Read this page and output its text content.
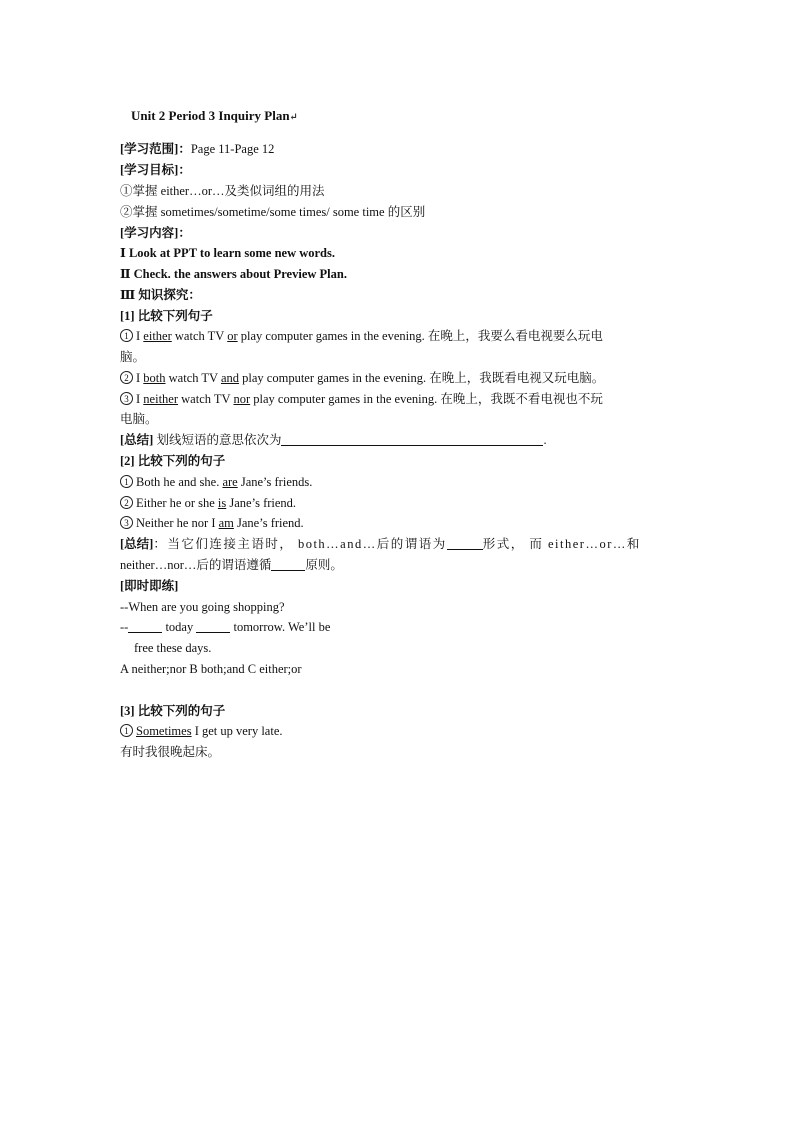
Unit 2 Period 3 Inquiry Plan↵
[学习范围]：Page 11-Page 12
[学习目标]：
①掌握 either…or…及类似词组的用法
②掌握 sometimes/sometime/some times/ some time 的区别
[学习内容]：
Ⅰ Look at PPT to learn some new words.
Ⅱ Check. the answers about Preview Plan.
Ⅲ 知识探究：
[1] 比较下列句子
1 I either watch TV or play computer games in the evening. 在晚上，我要么看电视要么玩电
脑。
2 I both watch TV and play computer games in the evening. 在晚上，我既看电视又玩电脑。
3 I neither watch TV nor play computer games in the evening. 在晚上，我既不看电视也不玩
电脑。
[总结] 划线短语的意思依次为	.
[2] 比较下列的句子
1 Both he and she. are Jane’s friends.
2 Either he or she is Jane’s friend.
3 Neither he nor I am Jane’s friend.
[总结]：当它们连接主语时， both…and…后的谓语为	形式， 而 either…or…和
neither…nor…后的谓语遵循	原则。
[即时即练]
--When are you going shopping?
--	today	tomorrow. We’ll be
free these days.
A neither;nor B both;and C either;or
[3] 比较下列的句子
1 Sometimes I get up very late.
有时我很晚起床。
